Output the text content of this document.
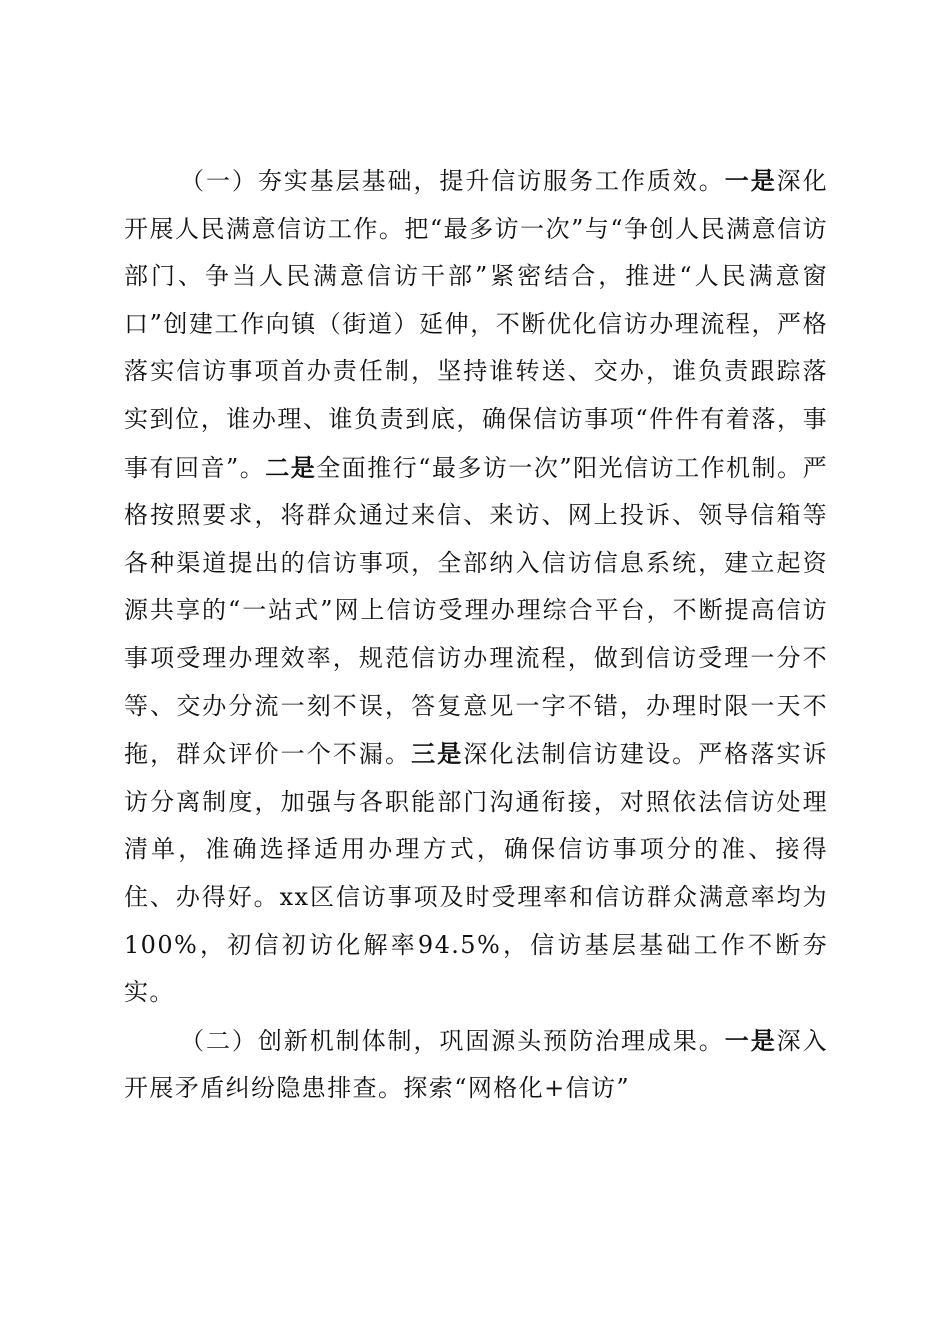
（一）夯实基层基础，提升信访服务工作质效。一是深化开展人民满意信访工作。把“最多访一次”与“争创人民满意信访部门、争当人民满意信访干部”紧密结合，推进“人民满意窗口”创建工作向镇（街道）延伸，不断优化信访办理流程，严格落实信访事项首办责任制，坚持谁转送、交办，谁负责跟踪落实到位，谁办理、谁负责到底，确保信访事项“件件有着落，事事有回音”。二是全面推行“最多访一次”阳光信访工作机制。严格按照要求，将群众通过来信、来访、网上投诉、领导信箱等各种渠道提出的信访事项，全部纳入信访信息系统，建立起资源共享的“一站式”网上信访受理办理综合平台，不断提高信访事项受理办理效率，规范信访办理流程，做到信访受理一分不等、交办分流一刻不误，答复意见一字不错，办理时限一天不拖，群众评价一个不漏。三是深化法制信访建设。严格落实诉访分离制度，加强与各职能部门沟通衔接，对照依法信访处理清单，准确选择适用办理方式，确保信访事项分的准、接得住、办得好。xx区信访事项及时受理率和信访群众满意率均为100%，初信初访化解率94.5%，信访基层基础工作不断夯实。

（二）创新机制体制，巩固源头预防治理成果。一是深入开展矛盾纠纷隐患排查。探索“网格化+信访”
